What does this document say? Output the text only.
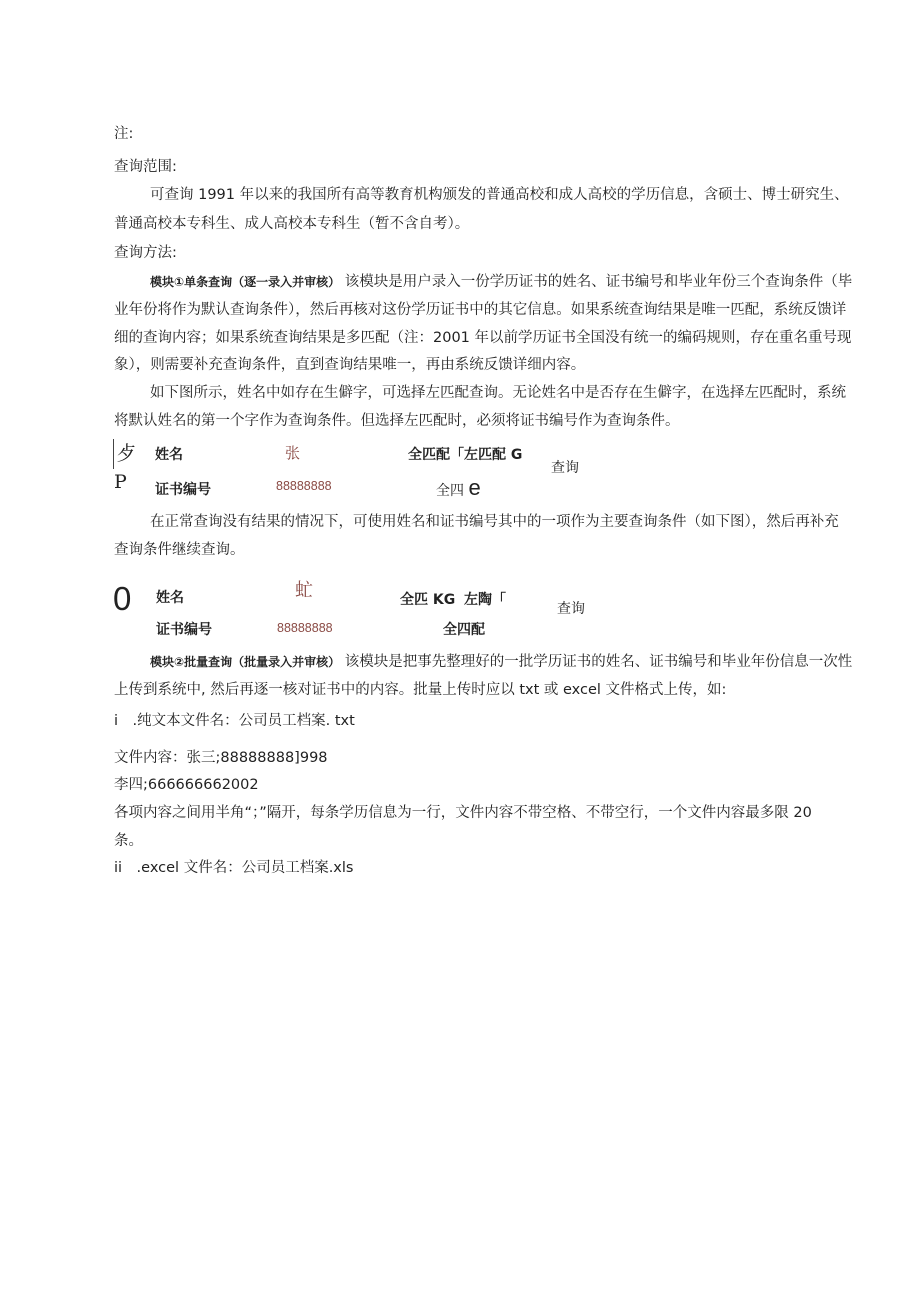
注:
查询范围:
可查询 1991 年以来的我国所有高等教育机构颁发的普通高校和成人高校的学历信息，含硕士、博士研究生、
普通高校本专科生、成人高校本专科生（暂不含自考）。
查询方法:
模块①单条查询（逐一录入并审核） 该模块是用户录入一份学历证书的姓名、证书编号和毕业年份三个查询条件（毕
业年份将作为默认查询条件），然后再核对这份学历证书中的其它信息。如果系统查询结果是唯一匹配，系统反馈详
细的查询内容；如果系统查询结果是多匹配（注：2001 年以前学历证书全国没有统一的编码规则，存在重名重号现
象），则需要补充查询条件，直到查询结果唯一，再由系统反馈详细内容。
如下图所示，姓名中如存在生僻字，可选择左匹配查询。无论姓名中是否存在生僻字，在选择左匹配时，系统
将默认姓名的第一个字作为查询条件。但选择左匹配时，必须将证书编号作为查询条件。
歺
P
姓名	张	全匹配「左匹配 G
查询
证书编号	88888888	全四 e
在正常查询没有结果的情况下，可使用姓名和证书编号其中的一项作为主要查询条件（如下图），然后再补充
查询条件继续查询。
0 姓名	虻	全匹 KG 左陶「
查询
证书编号	88888888	全四配
模块②批量查询（批量录入并审核） 该模块是把事先整理好的一批学历证书的姓名、证书编号和毕业年份信息一次性
上传到系统中, 然后再逐一核对证书中的内容。批量上传时应以 txt 或 excel 文件格式上传，如:
i　.纯文本文件名：公司员工档案. txt
文件内容：张三;88888888]998
李四;666666662002
各项内容之间用半角“；”隔开，每条学历信息为一行，文件内容不带空格、不带空行，一个文件内容最多限 20
条。
ii　.excel 文件名：公司员工档案.xls
